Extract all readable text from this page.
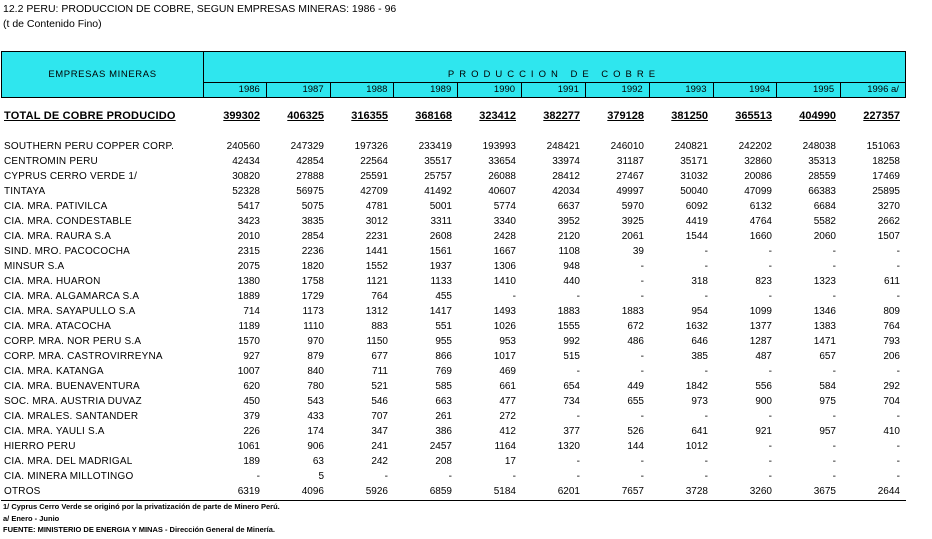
12.2 PERU: PRODUCCION DE COBRE, SEGUN EMPRESAS MINERAS: 1986 - 96
(t de Contenido Fino)
EMPRESAS MINERAS	PRODUCCION DE COBRE
1986	1987	1988	1989	1990	1991	1992	1993	1994	1995	1996 a/
TOTAL DE COBRE PRODUCIDO	399302 406325 316355 368168 323412 382277 379128 381250 365513 404990 227357
SOUTHERN PERU COPPER CORP.	240560	247329	197326	233419	193993	248421	246010	240821	242202	248038	151063
CENTROMIN PERU	42434	42854	22564	35517	33654	33974	31187	35171	32860	35313	18258
CYPRUS CERRO VERDE 1/	30820	27888	25591	25757	26088	28412	27467	31032	20086	28559	17469
TINTAYA	52328	56975	42709	41492	40607	42034	49997	50040	47099	66383	25895
CIA. MRA. PATIVILCA	5417	5075	4781	5001	5774	6637	5970	6092	6132	6684	3270
CIA. MRA. CONDESTABLE	3423	3835	3012	3311	3340	3952	3925	4419	4764	5582	2662
CIA. MRA. RAURA S.A	2010	2854	2231	2608	2428	2120	2061	1544	1660	2060	1507
SIND. MRO. PACOCOCHA	2315	2236	1441	1561	1667	1108	39	-	-	-	-
MINSUR S.A	2075	1820	1552	1937	1306	948	-	-	-	-	-
CIA. MRA. HUARON	1380	1758	1121	1133	1410	440	-	318	823	1323	611
CIA. MRA. ALGAMARCA S.A	1889	1729	764	455	-	-	-	-	-	-	-
CIA. MRA. SAYAPULLO S.A	714	1173	1312	1417	1493	1883	1883	954	1099	1346	809
CIA. MRA. ATACOCHA	1189	1110	883	551	1026	1555	672	1632	1377	1383	764
CORP. MRA. NOR PERU S.A	1570	970	1150	955	953	992	486	646	1287	1471	793
CORP. MRA. CASTROVIRREYNA	927	879	677	866	1017	515	-	385	487	657	206
CIA. MRA. KATANGA	1007	840	711	769	469	-	-	-	-	-	-
CIA. MRA. BUENAVENTURA	620	780	521	585	661	654	449	1842	556	584	292
SOC. MRA. AUSTRIA DUVAZ	450	543	546	663	477	734	655	973	900	975	704
CIA. MRALES. SANTANDER	379	433	707	261	272	-	-	-	-	-	-
CIA. MRA. YAULI S.A	226	174	347	386	412	377	526	641	921	957	410
HIERRO PERU	1061	906	241	2457	1164	1320	144	1012	-	-	-
CIA. MRA. DEL MADRIGAL	189	63	242	208	17	-	-	-	-	-	-
CIA. MINERA MILLOTINGO	-	5	-	-	-	-	-	-	-	-	-
OTROS	6319	4096	5926	6859	5184	6201	7657	3728	3260	3675	2644
1/ Cyprus Cerro Verde se originó por la privatización de parte de Minero Perú.
a/ Enero - Junio
FUENTE: MINISTERIO DE ENERGIA Y MINAS - Dirección General de Minería.
